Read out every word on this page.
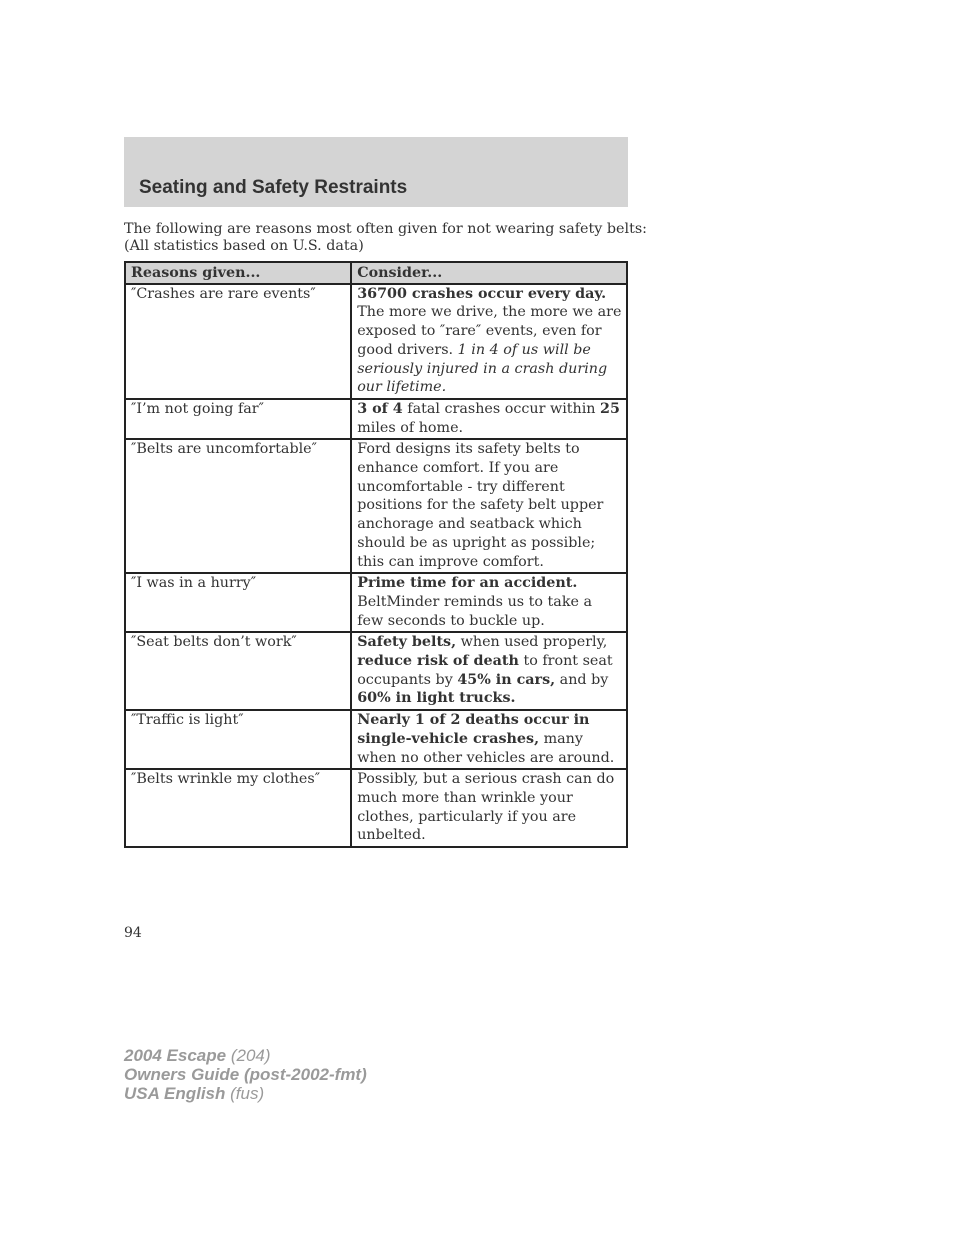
Seating and Safety Restraints
The following are reasons most often given for not wearing safety belts:
(All statistics based on U.S. data)
Reasons given...	Consider...
″Crashes are rare events″	36700 crashes occur every day. The more we drive, the more we are exposed to ″rare″ events, even for good drivers. 1 in 4 of us will be seriously injured in a crash during our lifetime.
″I’m not going far″	3 of 4 fatal crashes occur within 25 miles of home.
″Belts are uncomfortable″	Ford designs its safety belts to enhance comfort. If you are uncomfortable - try different positions for the safety belt upper anchorage and seatback which should be as upright as possible; this can improve comfort.
″I was in a hurry″	Prime time for an accident. BeltMinder reminds us to take a few seconds to buckle up.
″Seat belts don’t work″	Safety belts, when used properly, reduce risk of death to front seat occupants by 45% in cars, and by 60% in light trucks.
″Traffic is light″	Nearly 1 of 2 deaths occur in single-vehicle crashes, many when no other vehicles are around.
″Belts wrinkle my clothes″	Possibly, but a serious crash can do much more than wrinkle your clothes, particularly if you are unbelted.
94
2004 Escape (204)
Owners Guide (post-2002-fmt)
USA English (fus)
